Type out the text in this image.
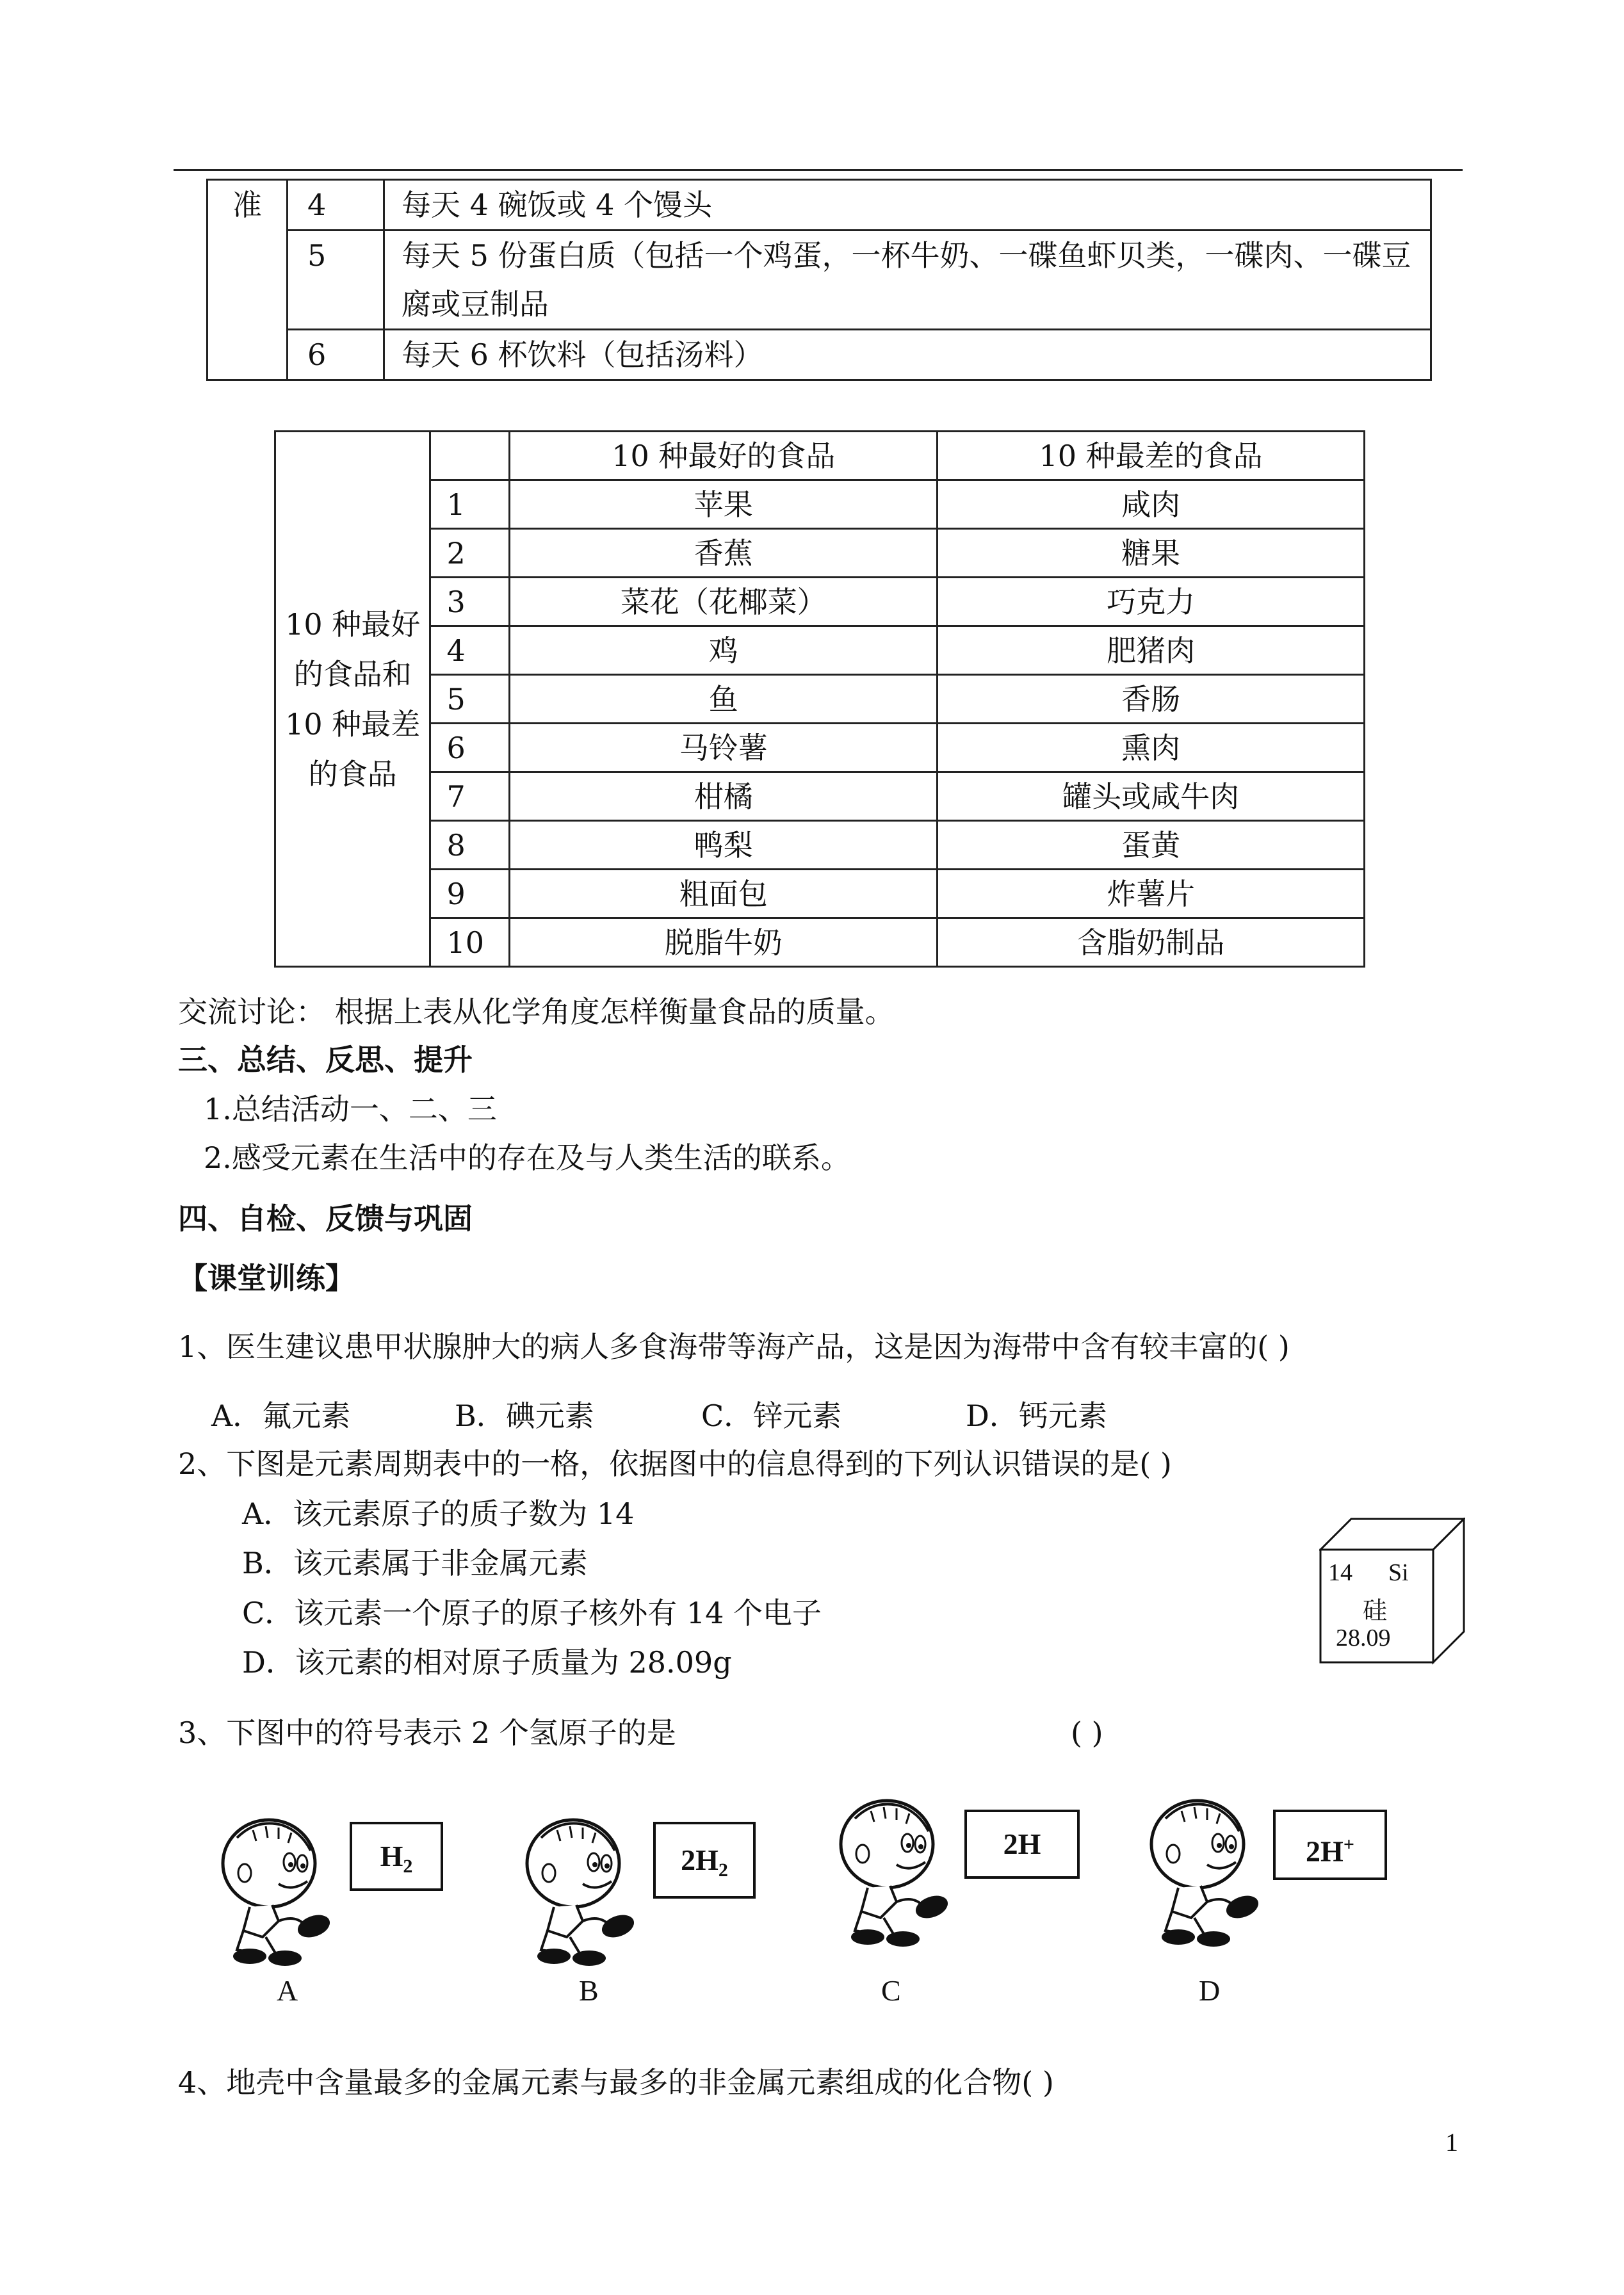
准	4	每天 4 碗饭或 4 个馒头
	5	每天 5 份蛋白质（包括一个鸡蛋，一杯牛奶、一碟鱼虾贝类，一碟肉、一碟豆腐或豆制品
	6	每天 6 杯饮料（包括汤料）
10 种最好的食品和 10 种最差的食品		10 种最好的食品	10 种最差的食品
	1	苹果	咸肉
	2	香蕉	糖果
	3	菜花（花椰菜）	巧克力
	4	鸡	肥猪肉
	5	鱼	香肠
	6	马铃薯	熏肉
	7	柑橘	罐头或咸牛肉
	8	鸭梨	蛋黄
	9	粗面包	炸薯片
	10	脱脂牛奶	含脂奶制品
交流讨论： 根据上表从化学角度怎样衡量食品的质量。
三、总结、反思、提升
1.总结活动一、二、三
2.感受元素在生活中的存在及与人类生活的联系。
四、自检、反馈与巩固
【课堂训练】
1、医生建议患甲状腺肿大的病人多食海带等海产品，这是因为海带中含有较丰富的( )
A．氟元素	B．碘元素	C．锌元素	D．钙元素
2、下图是元素周期表中的一格，依据图中的信息得到的下列认识错误的是( )
A．该元素原子的质子数为 14
B．该元素属于非金属元素
C．该元素一个原子的原子核外有 14 个电子
D．该元素的相对原子质量为 28.09g
14 Si
硅
28.09
3、下图中的符号表示 2 个氢原子的是	( )
$H_2$	$2H_2$
2H	2H+
A	B	C	D
4、地壳中含量最多的金属元素与最多的非金属元素组成的化合物( )
1
